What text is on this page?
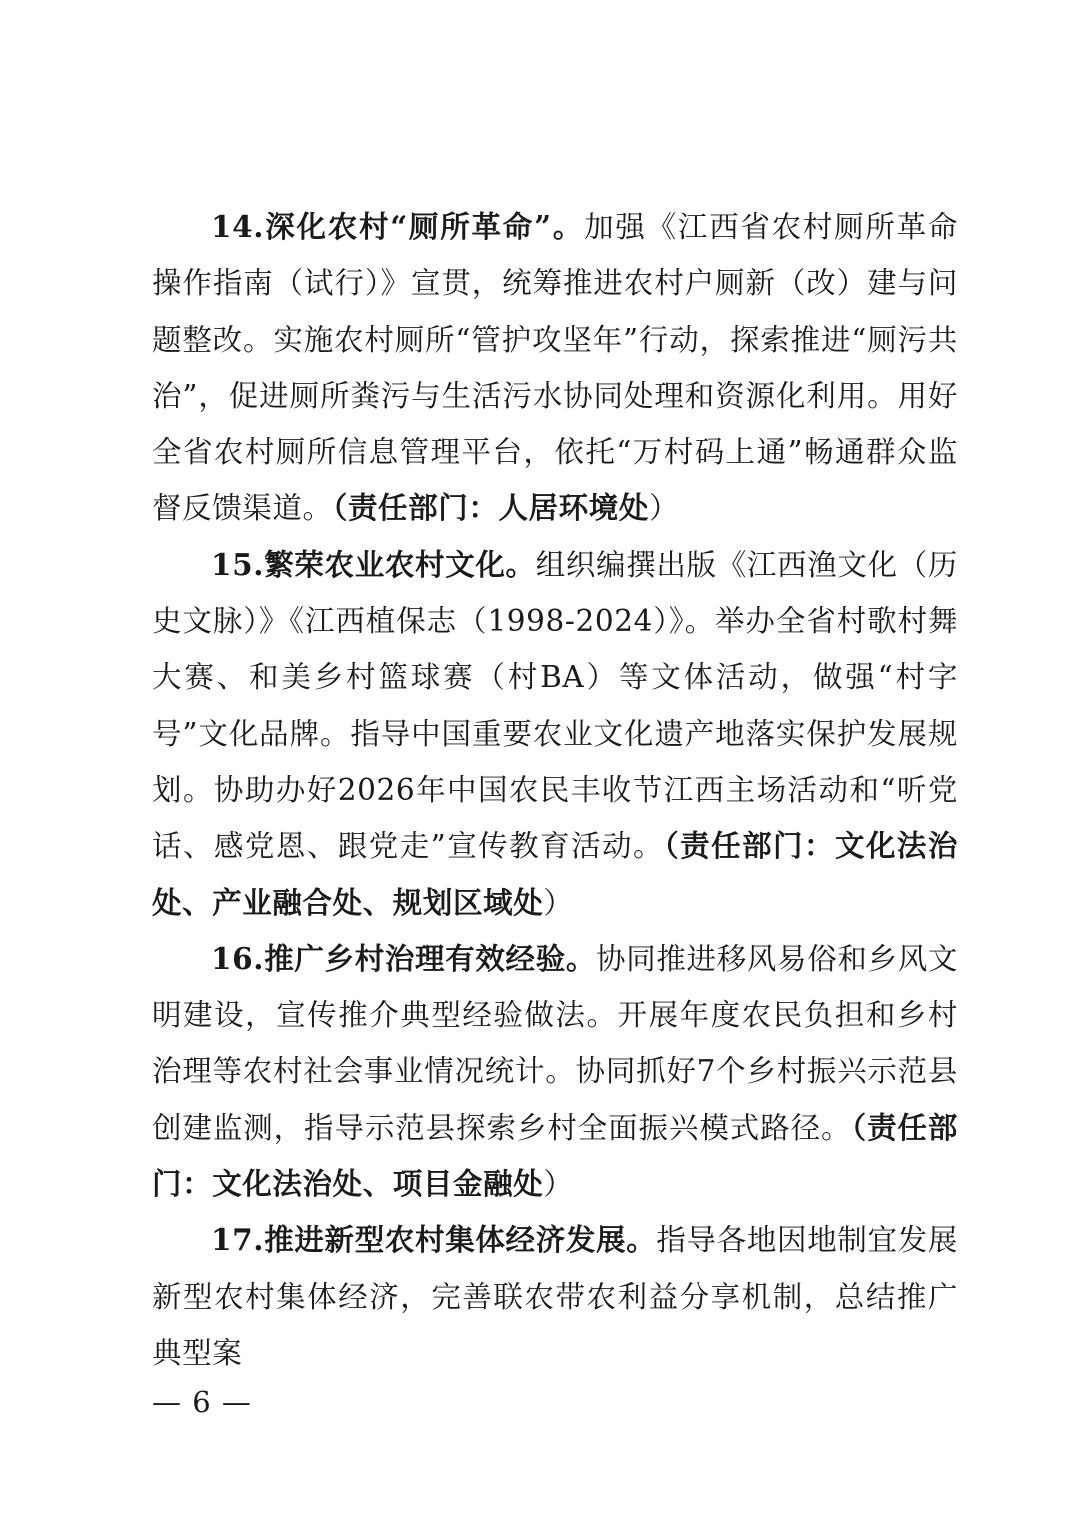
14.深化农村“厕所革命”。加强《江西省农村厕所革命操作指南（试行）》宣贯，统筹推进农村户厕新（改）建与问题整改。实施农村厕所“管护攻坚年”行动，探索推进“厕污共治”，促进厕所粪污与生活污水协同处理和资源化利用。用好全省农村厕所信息管理平台，依托“万村码上通”畅通群众监督反馈渠道。（责任部门：人居环境处）

15.繁荣农业农村文化。组织编撰出版《江西渔文化（历史文脉）》《江西植保志（1998-2024）》。举办全省村歌村舞大赛、和美乡村篮球赛（村BA）等文体活动，做强“村字号”文化品牌。指导中国重要农业文化遗产地落实保护发展规划。协助办好2026年中国农民丰收节江西主场活动和“听党话、感党恩、跟党走”宣传教育活动。（责任部门：文化法治处、产业融合处、规划区域处）

16.推广乡村治理有效经验。协同推进移风易俗和乡风文明建设，宣传推介典型经验做法。开展年度农民负担和乡村治理等农村社会事业情况统计。协同抓好7个乡村振兴示范县创建监测，指导示范县探索乡村全面振兴模式路径。（责任部门：文化法治处、项目金融处）

17.推进新型农村集体经济发展。指导各地因地制宜发展新型农村集体经济，完善联农带农利益分享机制，总结推广典型案

— 6 —
